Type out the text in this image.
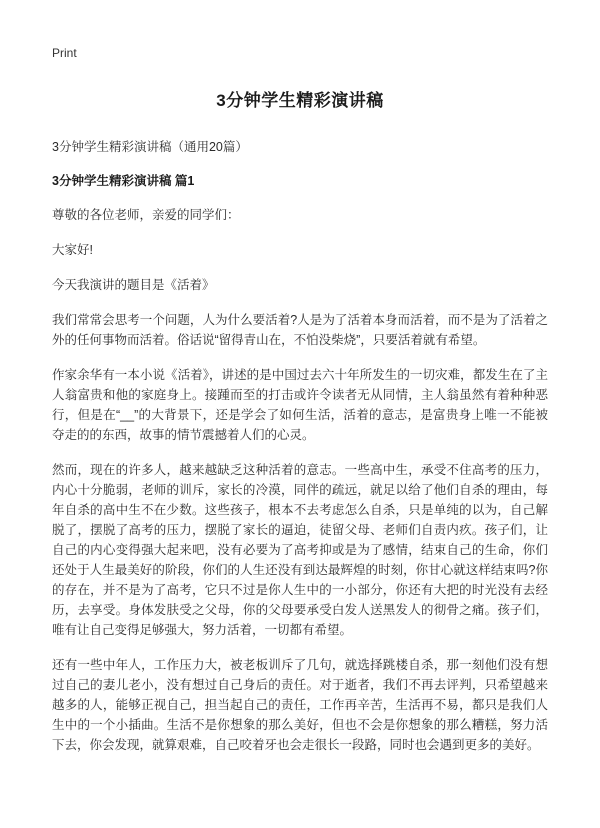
Print
3分钟学生精彩演讲稿

3分钟学生精彩演讲稿（通用20篇）

3分钟学生精彩演讲稿 篇1

尊敬的各位老师，亲爱的同学们：

大家好!

今天我演讲的题目是《活着》

我们常常会思考一个问题，人为什么要活着?人是为了活着本身而活着，而不是为了活着之外的任何事物而活着。俗话说“留得青山在，不怕没柴烧”，只要活着就有希望。

作家余华有一本小说《活着》，讲述的是中国过去六十年所发生的一切灾难，都发生在了主人翁富贵和他的家庭身上。接踵而至的打击或许令读者无从同情，主人翁虽然有着种种恶行，但是在“__”的大背景下，还是学会了如何生活，活着的意志，是富贵身上唯一不能被夺走的的东西，故事的情节震撼着人们的心灵。

然而，现在的许多人，越来越缺乏这种活着的意志。一些高中生，承受不住高考的压力，内心十分脆弱，老师的训斥，家长的冷漠，同伴的疏远，就足以给了他们自杀的理由，每年自杀的高中生不在少数。这些孩子，根本不去考虑怎么自杀，只是单纯的以为，自己解脱了，摆脱了高考的压力，摆脱了家长的逼迫，徒留父母、老师们自责内疚。孩子们，让自己的内心变得强大起来吧，没有必要为了高考抑或是为了感情，结束自己的生命，你们还处于人生最美好的阶段，你们的人生还没有到达最辉煌的时刻，你甘心就这样结束吗?你的存在，并不是为了高考，它只不过是你人生中的一小部分，你还有大把的时光没有去经历，去享受。身体发肤受之父母，你的父母要承受白发人送黑发人的彻骨之痛。孩子们，唯有让自己变得足够强大，努力活着，一切都有希望。

还有一些中年人，工作压力大，被老板训斥了几句，就选择跳楼自杀，那一刻他们没有想过自己的妻儿老小，没有想过自己身后的责任。对于逝者，我们不再去评判，只希望越来越多的人，能够正视自己，担当起自己的责任，工作再辛苦，生活再不易，都只是我们人生中的一个小插曲。生活不是你想象的那么美好，但也不会是你想象的那么糟糕，努力活下去，你会发现，就算艰难，自己咬着牙也会走很长一段路，同时也会遇到更多的美好。
